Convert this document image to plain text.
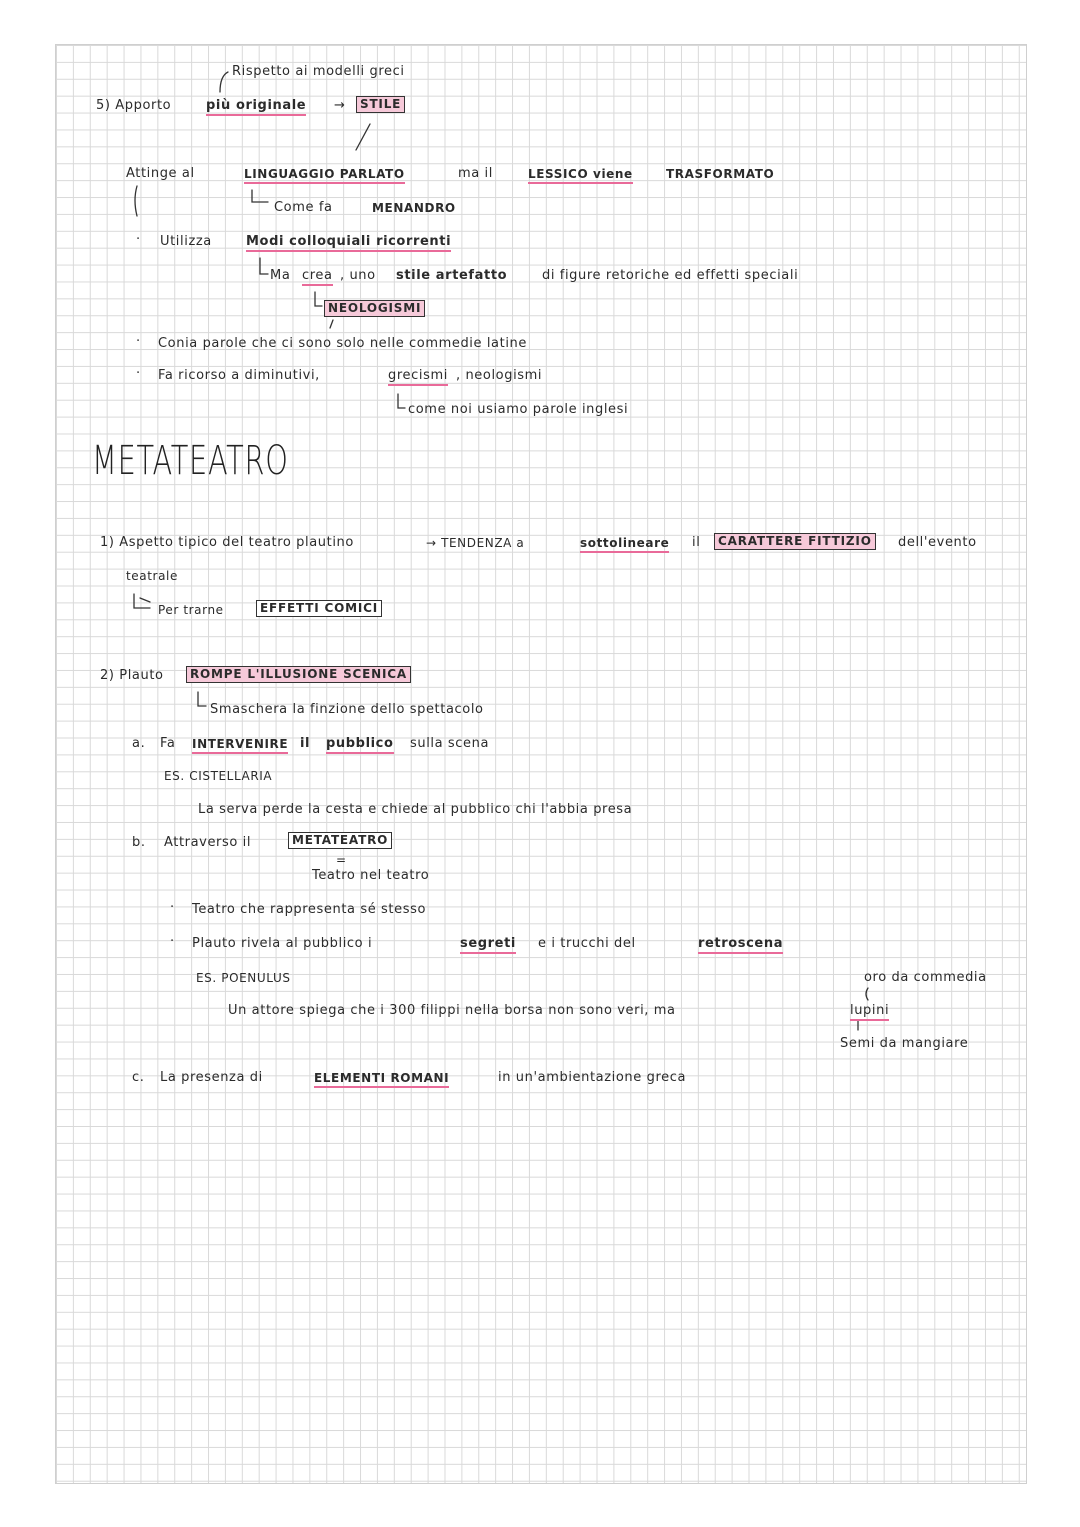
Rispetto ai modelli greci
5) Apporto	più originale →	STILE
Attinge al	LINGUAGGIO PARLATO	ma il	LESSICO viene	TRASFORMATO
Come fa	MENANDRO
· Utilizza	Modi colloquiali ricorrenti
Ma crea , uno stile artefatto	di figure retoriche ed effetti speciali
NEOLOGISMI
· Conia parole che ci sono solo nelle commedie latine
· Fa ricorso a diminutivi,	grecismi , neologismi
come noi usiamo parole inglesi
METATEATRO
1) Aspetto tipico del teatro plautino	→ TENDENZA a	sottolineare il	CARATTERE FITTIZIO	dell'evento
teatrale
Per trarne	EFFETTI COMICI
2) Plauto	ROMPE L'ILLUSIONE SCENICA
Smaschera la finzione dello spettacolo
a. Fa INTERVENIRE il pubblico sulla scena
ES. CISTELLARIA
La serva perde la cesta e chiede al pubblico chi l'abbia presa
b. Attraverso il	METATEATRO
=
Teatro nel teatro
· Teatro che rappresenta sé stesso
· Plauto rivela al pubblico i	segreti e i trucchi del	retroscena
ES. POENULUS	oro da commedia
Un attore spiega che i 300 filippi nella borsa non sono veri, ma	lupini
Semi da mangiare
c. La presenza di	ELEMENTI ROMANI	in un'ambientazione greca
